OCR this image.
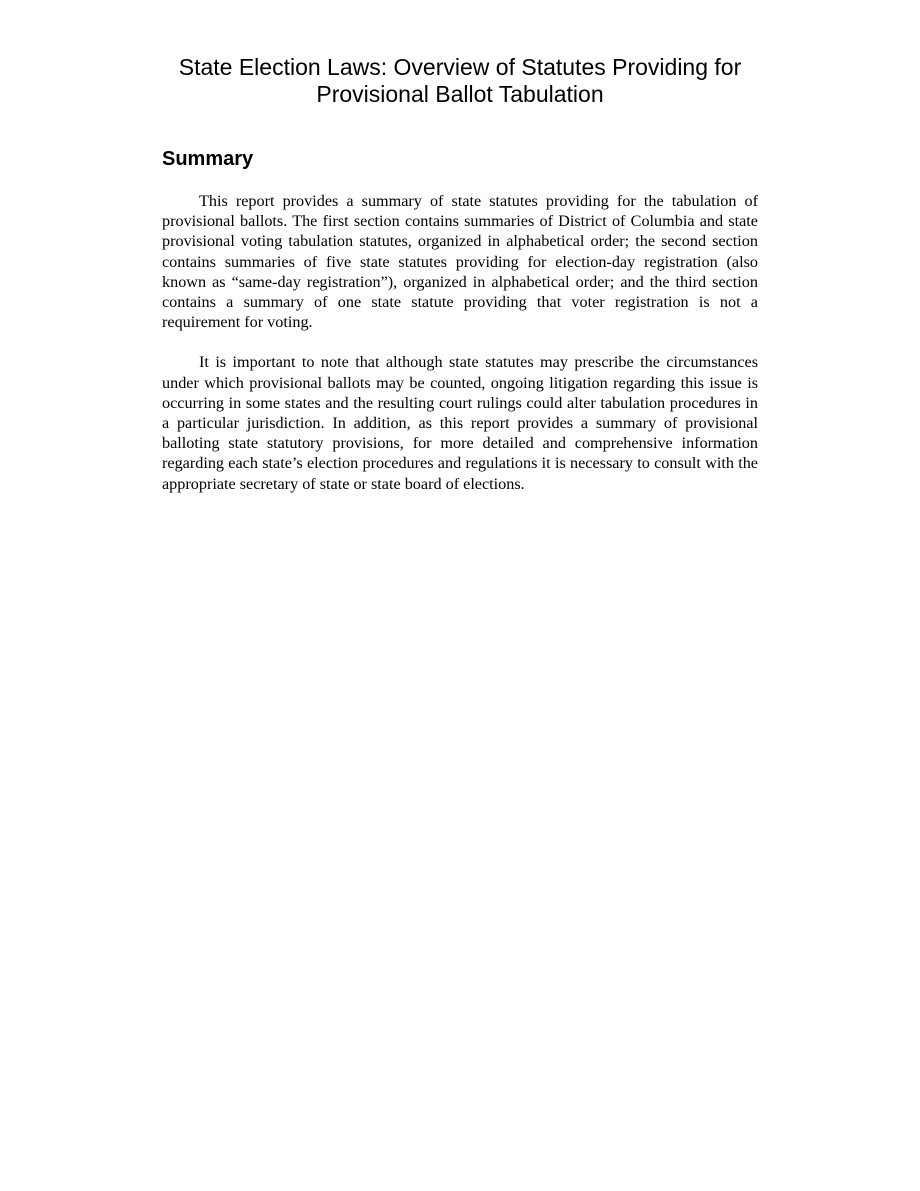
State Election Laws: Overview of Statutes Providing for
Provisional Ballot Tabulation
Summary

This report provides a summary of state statutes providing for the tabulation of provisional ballots. The first section contains summaries of District of Columbia and state provisional voting tabulation statutes, organized in alphabetical order; the second section contains summaries of five state statutes providing for election-day registration (also known as “same-day registration”), organized in alphabetical order; and the third section contains a summary of one state statute providing that voter registration is not a requirement for voting.

It is important to note that although state statutes may prescribe the circumstances under which provisional ballots may be counted, ongoing litigation regarding this issue is occurring in some states and the resulting court rulings could alter tabulation procedures in a particular jurisdiction. In addition, as this report provides a summary of provisional balloting state statutory provisions, for more detailed and comprehensive information regarding each state’s election procedures and regulations it is necessary to consult with the appropriate secretary of state or state board of elections.
